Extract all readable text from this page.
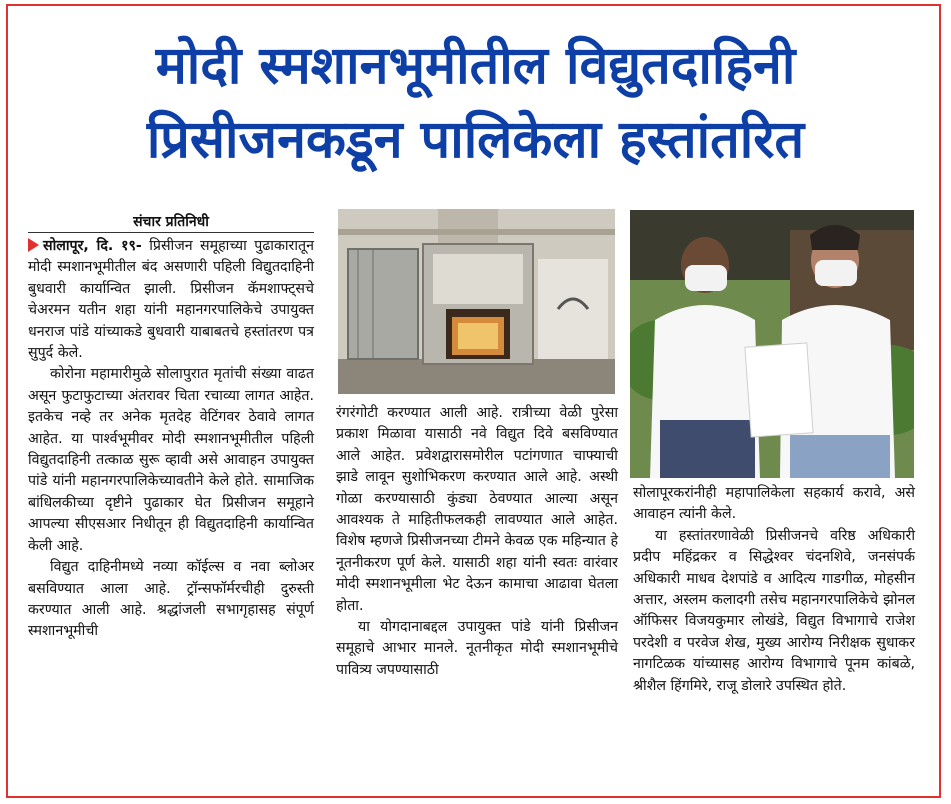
मोदी स्मशानभूमीतील विद्युतदाहिनी
प्रिसीजनकडून पालिकेला हस्तांतरित
संचार प्रतिनिधी

सोलापूर, दि. १९- प्रिसीजन समूहाच्या पुढाकारातून मोदी स्मशानभूमीतील बंद असणारी पहिली विद्युतदाहिनी बुधवारी कार्यान्वित झाली. प्रिसीजन कॅमशाफ्ट्सचे चेअरमन यतीन शहा यांनी महानगरपालिकेचे उपायुक्त धनराज पांडे यांच्याकडे बुधवारी याबाबतचे हस्तांतरण पत्र सुपुर्द केले.

कोरोना महामारीमुळे सोलापुरात मृतांची संख्या वाढत असून फुटाफुटाच्या अंतरावर चिता रचाव्या लागत आहेत. इतकेच नव्हे तर अनेक मृतदेह वेटिंगवर ठेवावे लागत आहेत. या पार्श्वभूमीवर मोदी स्मशानभूमीतील पहिली विद्युतदाहिनी तत्काळ सुरू व्हावी असे आवाहन उपायुक्त पांडे यांनी महानगरपालिकेच्यावतीने केले होते. सामाजिक बांधिलकीच्या दृष्टीने पुढाकार घेत प्रिसीजन समूहाने आपल्या सीएसआर निधीतून ही विद्युतदाहिनी कार्यान्वित केली आहे.

विद्युत दाहिनीमध्ये नव्या कॉईल्स व नवा ब्लोअर बसविण्यात आला आहे. ट्रॉन्सफॉर्मरचीही दुरुस्ती करण्यात आली आहे. श्रद्धांजली सभागृहासह संपूर्ण स्मशानभूमीची

रंगरंगोटी करण्यात आली आहे. रात्रीच्या वेळी पुरेसा प्रकाश मिळावा यासाठी नवे विद्युत दिवे बसविण्यात आले आहेत. प्रवेशद्वारासमोरील पटांगणात चाफ्याची झाडे लावून सुशोभिकरण करण्यात आले आहे. अस्थी गोळा करण्यासाठी कुंड्या ठेवण्यात आल्या असून आवश्यक ते माहितीफलकही लावण्यात आले आहेत. विशेष म्हणजे प्रिसीजनच्या टीमने केवळ एक महिन्यात हे नूतनीकरण पूर्ण केले. यासाठी शहा यांनी स्वतः वारंवार मोदी स्मशानभूमीला भेट देऊन कामाचा आढावा घेतला होता.

या योगदानाबद्दल उपायुक्त पांडे यांनी प्रिसीजन समूहाचे आभार मानले. नूतनीकृत मोदी स्मशानभूमीचे पावित्र्य जपण्यासाठी

सोलापूरकरांनीही महापालिकेला सहकार्य करावे, असे आवाहन त्यांनी केले.

या हस्तांतरणावेळी प्रिसीजनचे वरिष्ठ अधिकारी प्रदीप महिंद्रकर व सिद्धेश्वर चंदनशिवे, जनसंपर्क अधिकारी माधव देशपांडे व आदित्य गाडगीळ, मोहसीन अत्तार, अस्लम कलादगी तसेच महानगरपालिकेचे झोनल ऑफिसर विजयकुमार लोखंडे, विद्युत विभागाचे राजेश परदेशी व परवेज शेख, मुख्य आरोग्य निरीक्षक सुधाकर नागटिळक यांच्यासह आरोग्य विभागाचे पूनम कांबळे, श्रीशैल हिंगमिरे, राजू डोलारे उपस्थित होते.
